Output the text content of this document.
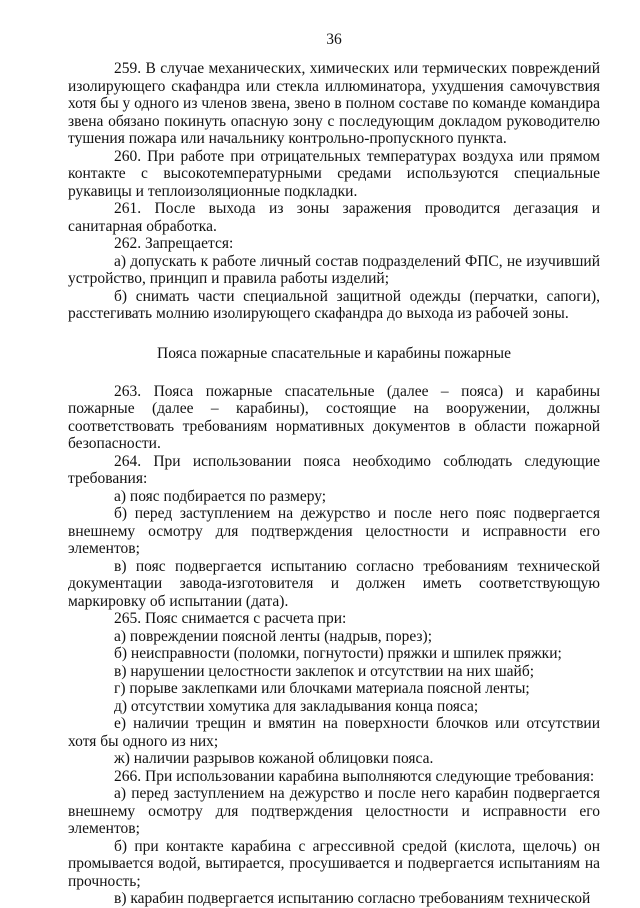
36

259. В случае механических, химических или термических повреждений изолирующего скафандра или стекла иллюминатора, ухудшения самочувствия хотя бы у одного из членов звена, звено в полном составе по команде командира звена обязано покинуть опасную зону с последующим докладом руководителю тушения пожара или начальнику контрольно-пропускного пункта.

260. При работе при отрицательных температурах воздуха или прямом контакте с высокотемпературными средами используются специальные рукавицы и теплоизоляционные подкладки.

261. После выхода из зоны заражения проводится дегазация и санитарная обработка.

262. Запрещается:

а) допускать к работе личный состав подразделений ФПС, не изучивший устройство, принцип и правила работы изделий;

б) снимать части специальной защитной одежды (перчатки, сапоги), расстегивать молнию изолирующего скафандра до выхода из рабочей зоны.

Пояса пожарные спасательные и карабины пожарные

263. Пояса пожарные спасательные (далее – пояса) и карабины пожарные (далее – карабины), состоящие на вооружении, должны соответствовать требованиям нормативных документов в области пожарной безопасности.

264. При использовании пояса необходимо соблюдать следующие требования:

а) пояс подбирается по размеру;

б) перед заступлением на дежурство и после него пояс подвергается внешнему осмотру для подтверждения целостности и исправности его элементов;

в) пояс подвергается испытанию согласно требованиям технической документации завода-изготовителя и должен иметь соответствующую маркировку об испытании (дата).

265. Пояс снимается с расчета при:

а) повреждении поясной ленты (надрыв, порез);

б) неисправности (поломки, погнутости) пряжки и шпилек пряжки;

в) нарушении целостности заклепок и отсутствии на них шайб;

г) порыве заклепками или блочками материала поясной ленты;

д) отсутствии хомутика для закладывания конца пояса;

е) наличии трещин и вмятин на поверхности блочков или отсутствии хотя бы одного из них;

ж) наличии разрывов кожаной облицовки пояса.

266. При использовании карабина выполняются следующие требования:

а) перед заступлением на дежурство и после него карабин подвергается внешнему осмотру для подтверждения целостности и исправности его элементов;

б) при контакте карабина с агрессивной средой (кислота, щелочь) он промывается водой, вытирается, просушивается и подвергается испытаниям на прочность;

в) карабин подвергается испытанию согласно требованиям технической
